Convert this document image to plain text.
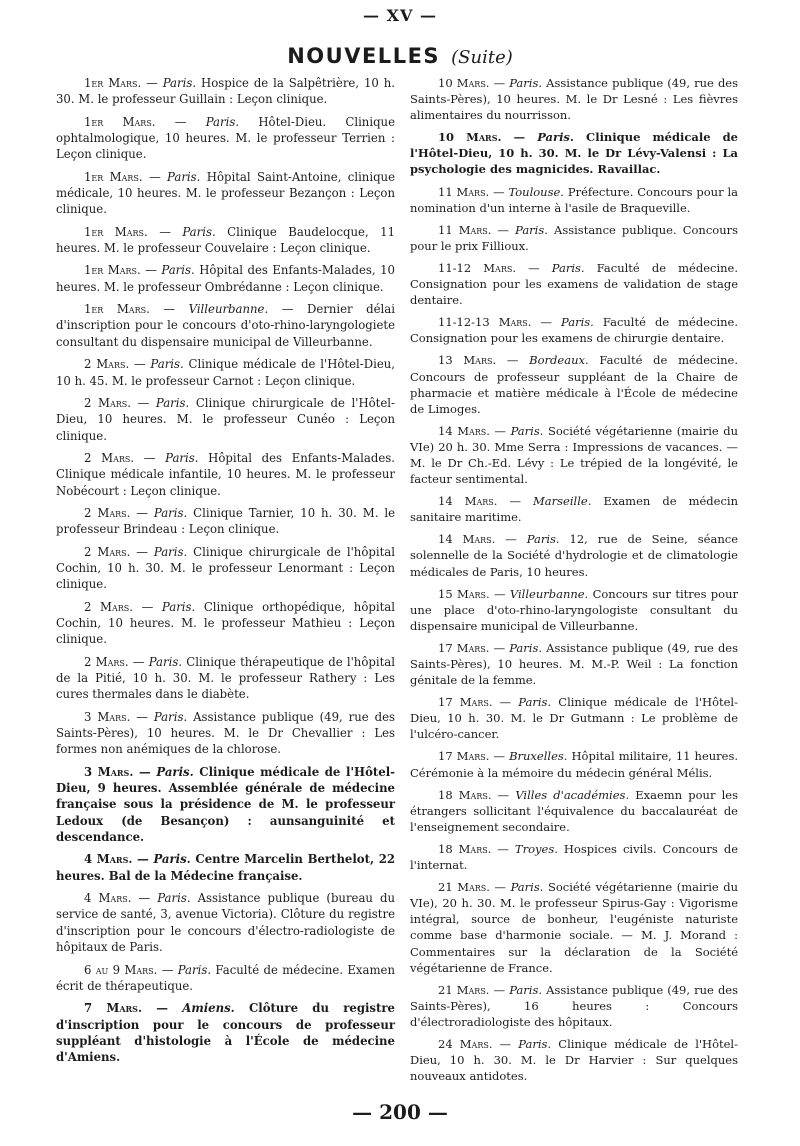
— XV —
NOUVELLES (Suite)

1er Mars. — Paris. Hospice de la Salpêtrière, 10 h. 30. M. le professeur Guillain : Leçon clinique.

1er Mars. — Paris. Hôtel-Dieu. Clinique ophtalmologique, 10 heures. M. le professeur Terrien : Leçon clinique.

1er Mars. — Paris. Hôpital Saint-Antoine, clinique médicale, 10 heures. M. le professeur Bezançon : Leçon clinique.

1er Mars. — Paris. Clinique Baudelocque, 11 heures. M. le professeur Couvelaire : Leçon clinique.

1er Mars. — Paris. Hôpital des Enfants-Malades, 10 heures. M. le professeur Ombrédanne : Leçon clinique.

1er Mars. — Villeurbanne. — Dernier délai d'inscription pour le concours d'oto-rhino-laryngologiete consultant du dispensaire municipal de Villeurbanne.

2 Mars. — Paris. Clinique médicale de l'Hôtel-Dieu, 10 h. 45. M. le professeur Carnot : Leçon clinique.

2 Mars. — Paris. Clinique chirurgicale de l'Hôtel-Dieu, 10 heures. M. le professeur Cunéo : Leçon clinique.

2 Mars. — Paris. Hôpital des Enfants-Malades. Clinique médicale infantile, 10 heures. M. le professeur Nobécourt : Leçon clinique.

2 Mars. — Paris. Clinique Tarnier, 10 h. 30. M. le professeur Brindeau : Leçon clinique.

2 Mars. — Paris. Clinique chirurgicale de l'hôpital Cochin, 10 h. 30. M. le professeur Lenormant : Leçon clinique.

2 Mars. — Paris. Clinique orthopédique, hôpital Cochin, 10 heures. M. le professeur Mathieu : Leçon clinique.

2 Mars. — Paris. Clinique thérapeutique de l'hôpital de la Pitié, 10 h. 30. M. le professeur Rathery : Les cures thermales dans le diabète.

3 Mars. — Paris. Assistance publique (49, rue des Saints-Pères), 10 heures. M. le Dr Chevallier : Les formes non anémiques de la chlorose.

3 Mars. — Paris. Clinique médicale de l'Hôtel-Dieu, 9 heures. Assemblée générale de médecine française sous la présidence de M. le professeur Ledoux (de Besançon) : aunsanguinité et descendance.

4 Mars. — Paris. Centre Marcelin Berthelot, 22 heures. Bal de la Médecine française.

4 Mars. — Paris. Assistance publique (bureau du service de santé, 3, avenue Victoria). Clôture du registre d'inscription pour le concours d'électro-radiologiste de hôpitaux de Paris.

6 au 9 Mars. — Paris. Faculté de médecine. Examen écrit de thérapeutique.

7 Mars. — Amiens. Clôture du registre d'inscription pour le concours de professeur suppléant d'histologie à l'École de médecine d'Amiens.

10 Mars. — Paris. Assistance publique (49, rue des Saints-Pères), 10 heures. M. le Dr Lesné : Les fièvres alimentaires du nourrisson.

10 Mars. — Paris. Clinique médicale de l'Hôtel-Dieu, 10 h. 30. M. le Dr Lévy-Valensi : La psychologie des magnicides. Ravaillac.

11 Mars. — Toulouse. Préfecture. Concours pour la nomination d'un interne à l'asile de Braqueville.

11 Mars. — Paris. Assistance publique. Concours pour le prix Fillioux.

11-12 Mars. — Paris. Faculté de médecine. Consignation pour les examens de validation de stage dentaire.

11-12-13 Mars. — Paris. Faculté de médecine. Consignation pour les examens de chirurgie dentaire.

13 Mars. — Bordeaux. Faculté de médecine. Concours de professeur suppléant de la Chaire de pharmacie et matière médicale à l'École de médecine de Limoges.

14 Mars. — Paris. Société végétarienne (mairie du VIe) 20 h. 30. Mme Serra : Impressions de vacances. — M. le Dr Ch.-Ed. Lévy : Le trépied de la longévité, le facteur sentimental.

14 Mars. — Marseille. Examen de médecin sanitaire maritime.

14 Mars. — Paris. 12, rue de Seine, séance solennelle de la Société d'hydrologie et de climatologie médicales de Paris, 10 heures.

15 Mars. — Villeurbanne. Concours sur titres pour une place d'oto-rhino-laryngologiste consultant du dispensaire municipal de Villeurbanne.

17 Mars. — Paris. Assistance publique (49, rue des Saints-Pères), 10 heures. M. M.-P. Weil : La fonction génitale de la femme.

17 Mars. — Paris. Clinique médicale de l'Hôtel-Dieu, 10 h. 30. M. le Dr Gutmann : Le problème de l'ulcéro-cancer.

17 Mars. — Bruxelles. Hôpital militaire, 11 heures. Cérémonie à la mémoire du médecin général Mélis.

18 Mars. — Villes d'académies. Exaemn pour les étrangers sollicitant l'équivalence du baccalauréat de l'enseignement secondaire.

18 Mars. — Troyes. Hospices civils. Concours de l'internat.

21 Mars. — Paris. Société végétarienne (mairie du VIe), 20 h. 30. M. le professeur Spirus-Gay : Vigorisme intégral, source de bonheur, l'eugéniste naturiste comme base d'harmonie sociale. — M. J. Morand : Commentaires sur la déclaration de la Société végétarienne de France.

21 Mars. — Paris. Assistance publique (49, rue des Saints-Pères), 16 heures : Concours d'électroradiologiste des hôpitaux.

24 Mars. — Paris. Clinique médicale de l'Hôtel-Dieu, 10 h. 30. M. le Dr Harvier : Sur quelques nouveaux antidotes.

— 200 —
